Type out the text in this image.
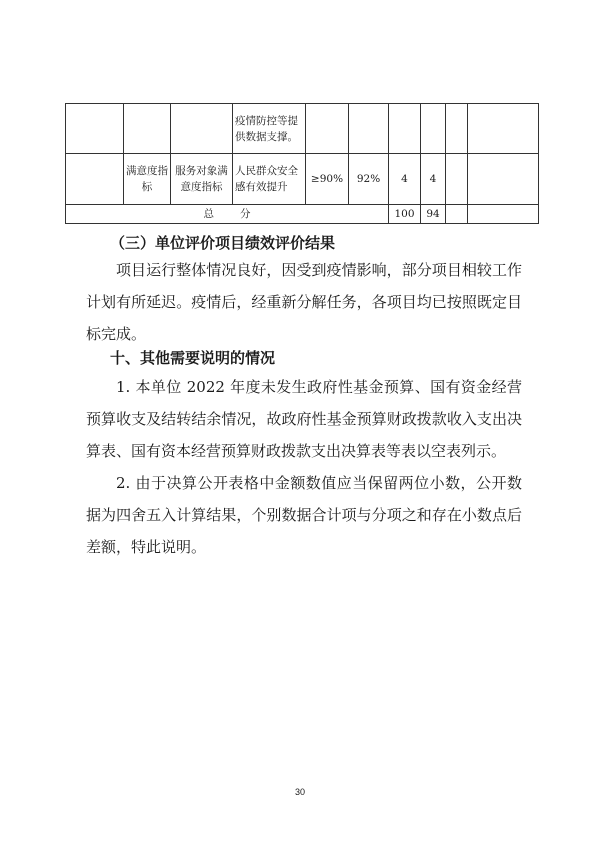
			疫情防控等提供数据支撑。						
	满意度指标	服务对象满意度指标	人民群众安全感有效提升	≥90%	92%	4	4		
总 分						100	94		
（三）单位评价项目绩效评价结果

项目运行整体情况良好，因受到疫情影响，部分项目相较工作计划有所延迟。疫情后，经重新分解任务，各项目均已按照既定目标完成。

十、其他需要说明的情况

1. 本单位 2022 年度未发生政府性基金预算、国有资金经营预算收支及结转结余情况，故政府性基金预算财政拨款收入支出决算表、国有资本经营预算财政拨款支出决算表等表以空表列示。

2. 由于决算公开表格中金额数值应当保留两位小数，公开数据为四舍五入计算结果，个别数据合计项与分项之和存在小数点后差额，特此说明。

30
